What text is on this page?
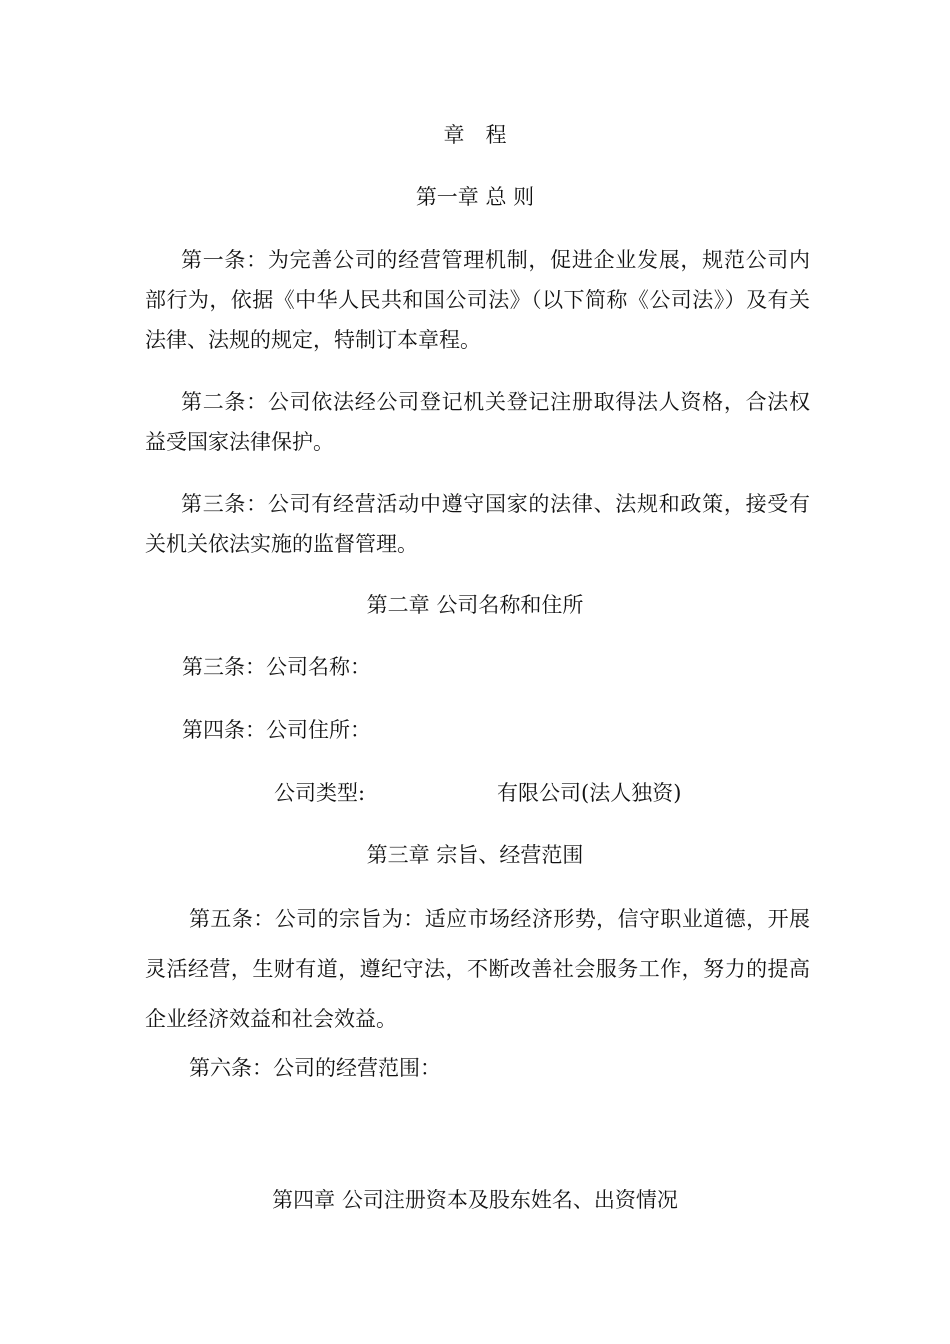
章　程
第一章 总 则
第一条：为完善公司的经营管理机制，促进企业发展，规范公司内部行为，依据《中华人民共和国公司法》（以下简称《公司法》）及有关法律、法规的规定，特制订本章程。
第二条：公司依法经公司登记机关登记注册取得法人资格，合法权益受国家法律保护。
第三条：公司有经营活动中遵守国家的法律、法规和政策，接受有关机关依法实施的监督管理。
第二章 公司名称和住所
第三条：公司名称：
第四条：公司住所：
公司类型:	有限公司(法人独资)
第三章 宗旨、经营范围
第五条：公司的宗旨为：适应市场经济形势，信守职业道德，开展灵活经营，生财有道，遵纪守法，不断改善社会服务工作，努力的提高企业经济效益和社会效益。
第六条：公司的经营范围：
第四章 公司注册资本及股东姓名、出资情况
